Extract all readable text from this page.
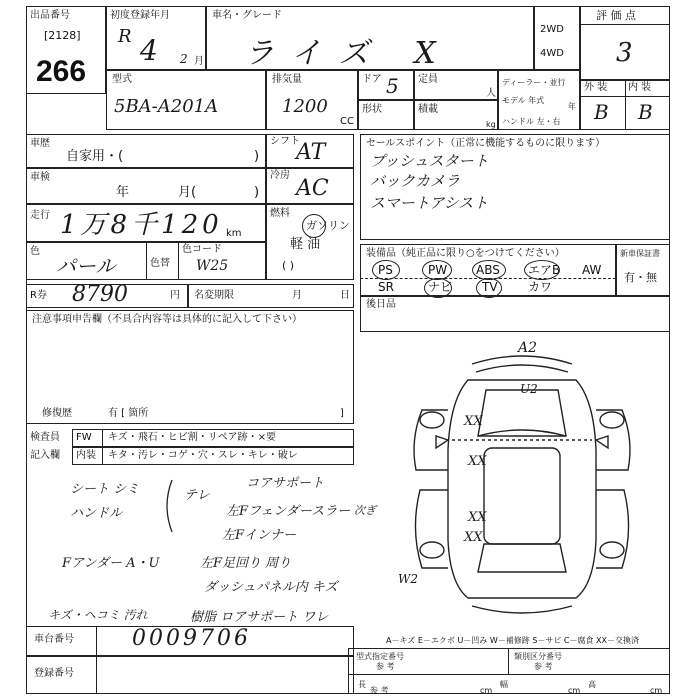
出品番号
[2128]
266
初度登録年月
R 4 2 月
車名・グレード
ライズ X
2WD
4WD
評 価 点
3
型式
5BA-A201A
排気量
1200
CC
ドア 5 定員
人
形状	積載
kg
ディーラー・並行
モデル 年式
年
ハンドル 左・右
外 装 内 装
B B
車歴
自家用・(	)
シフト
AT
車検
年	月(	)
冷房
AC
走行 1万8千120 km
燃料
ガソリン
軽 油
( )
色
パール	色替
色コード
W25
R券 8790	円 名変期限	月	日
セールスポイント（正常に機能するものに限ります）
プッシュスタート
バックカメラ
スマートアシスト
装備品（純正品に限り○をつけてください）
PS	PW ABS エアB AW
SR	ナビ TV	カワ
新車保証書
有・無
後日品
注意事項申告欄（不具合内容等は具体的に記入して下さい）
修復歴	有 [ 箇所	]
検査員
記入欄
FW
内装
キズ・飛石・ヒビ割・リペア跡・×要
キタ・汚レ・コゲ・穴・スレ・キレ・破レ
シート シミ
ハンドル
テレ
コアサポート
左Fフェンダースラー
左Fインナー
次ぎ
Fアンダー A・U	左F足回り 周り
ダッシュパネル内 キズ
キズ・ヘコミ 汚れ	樹脂 ロアサポート ワレ
車台番号	0009706
登録番号
A－キズ E－エクボ U－凹み W－補修跡 S－サビ C－腐食 XX－交換済
型式指定番号
参 考
類別区分番号
参 考
長
参 考	cm
幅
cm
高
cm
A2
U2
XX
XX
XX
XX
W2
